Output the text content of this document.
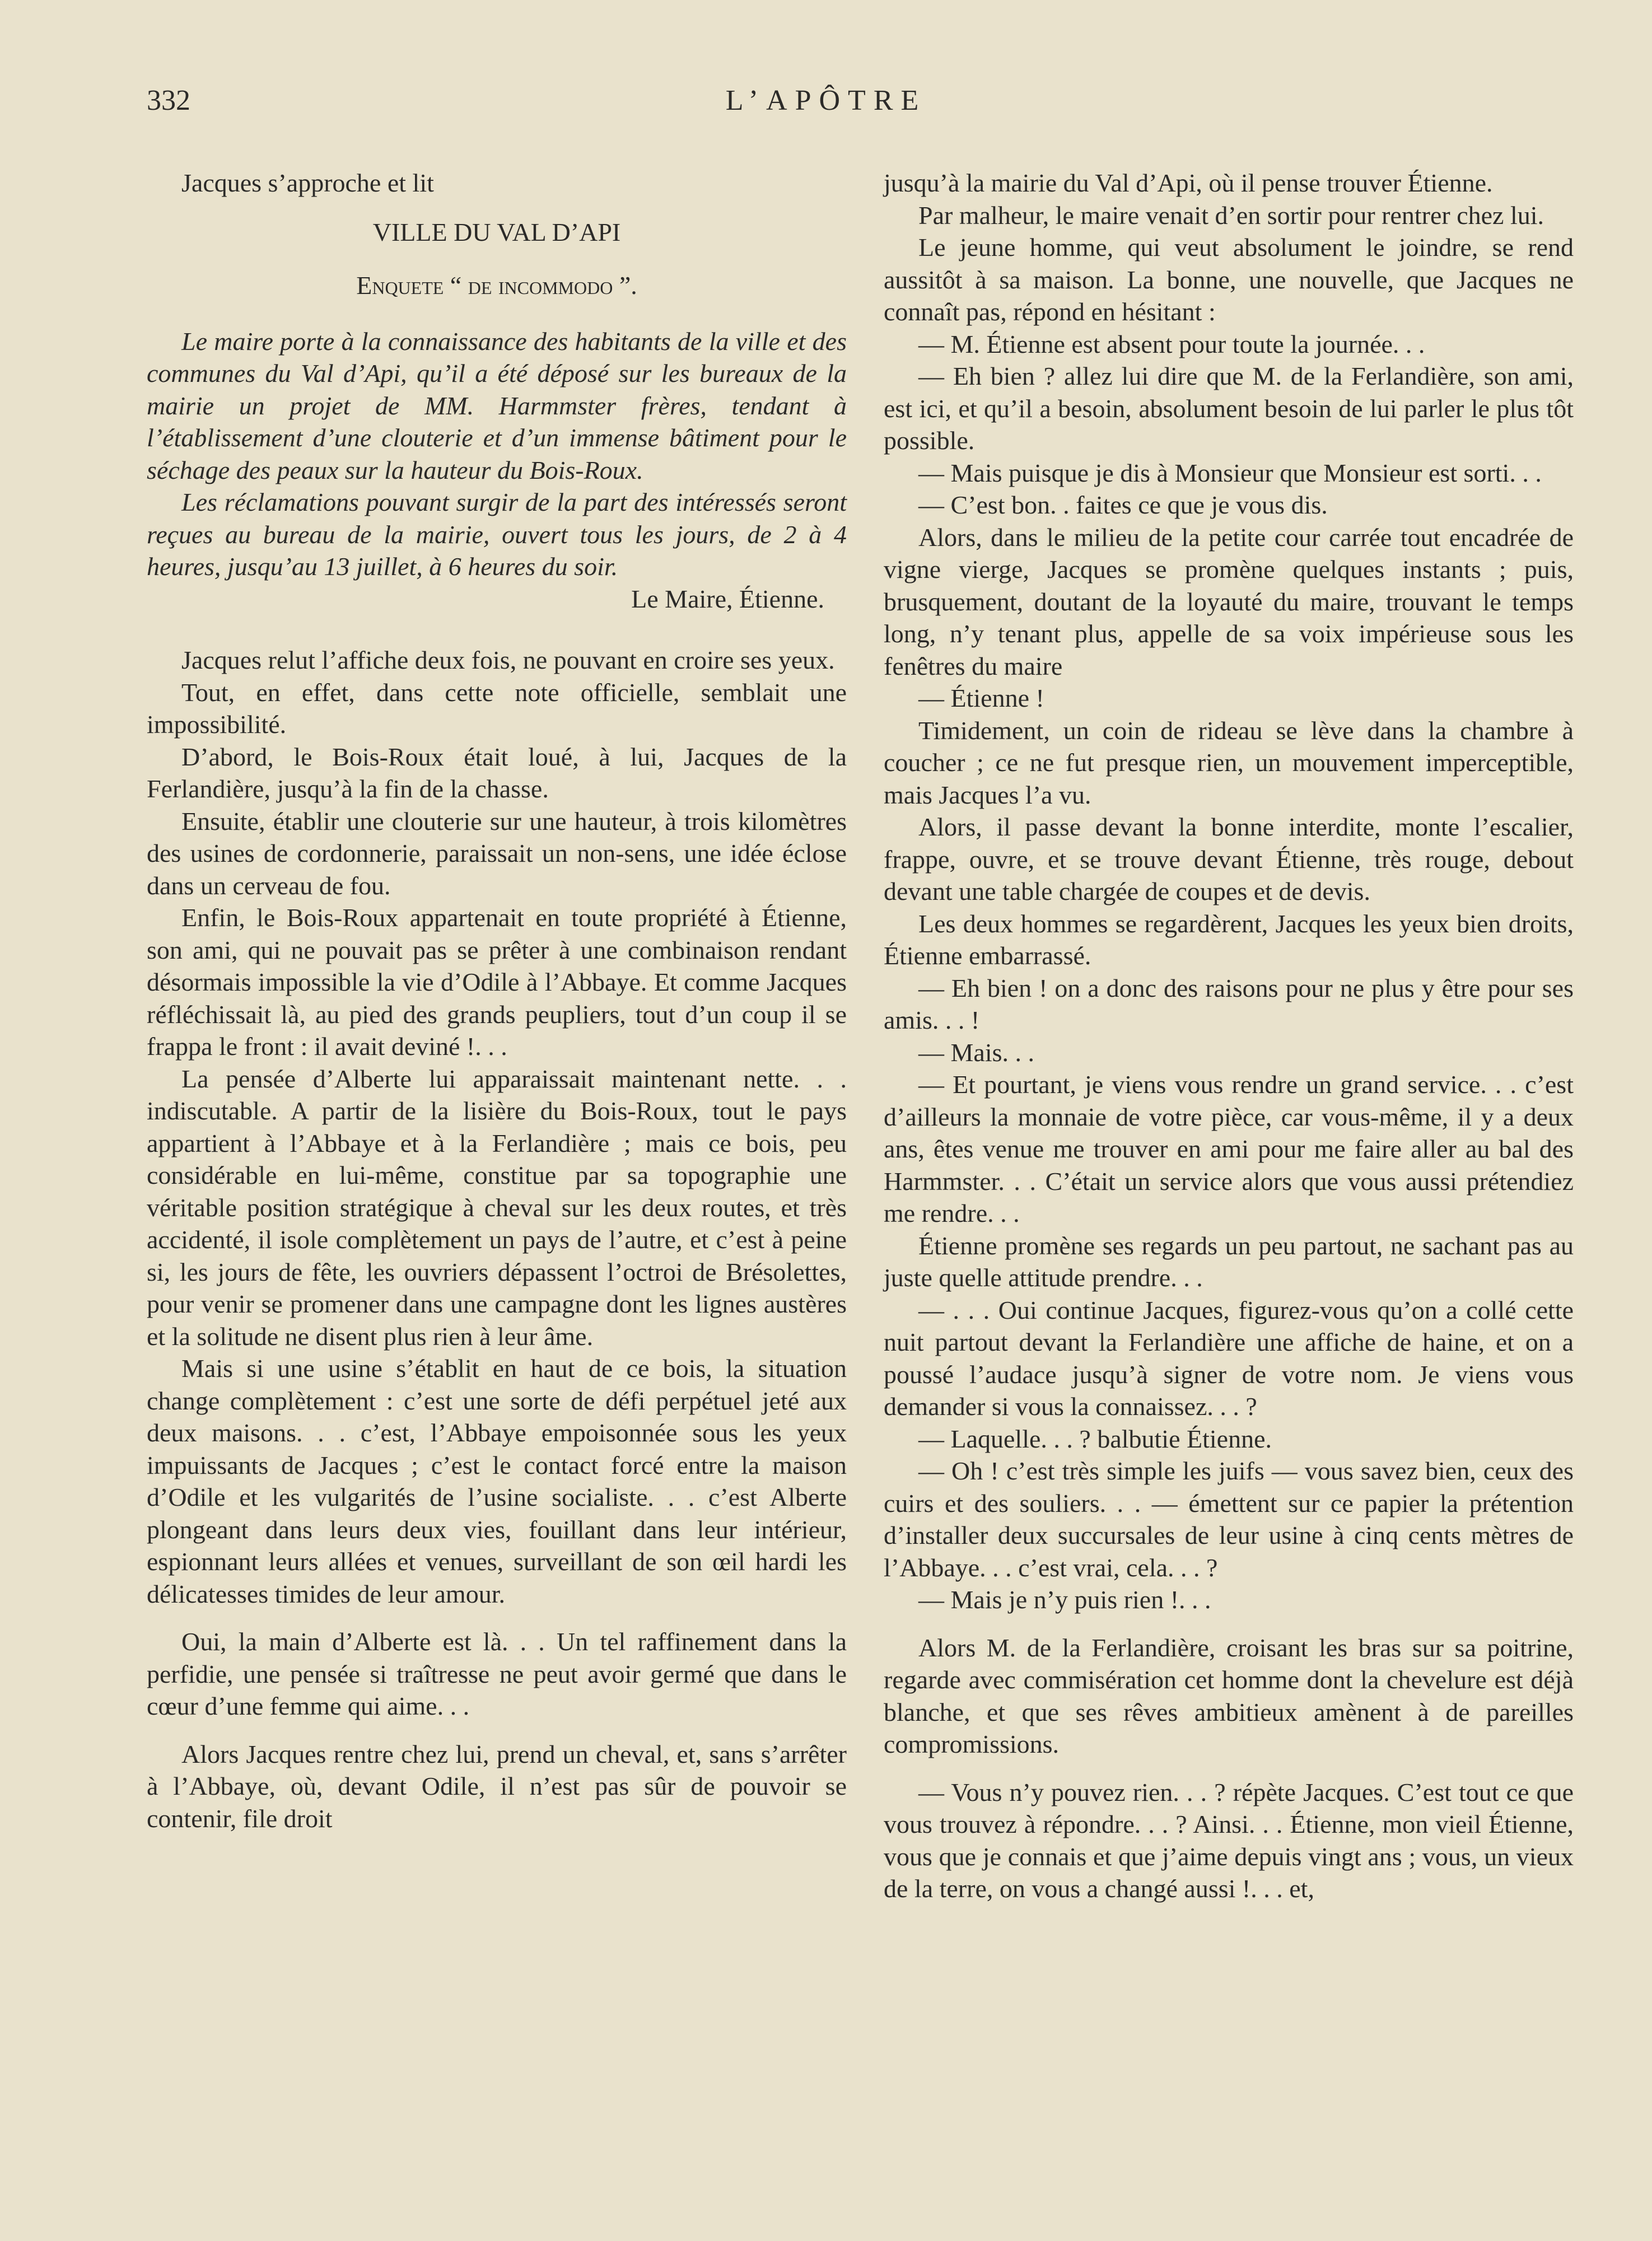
332	L’APÔTRE

Jacques s’approche et lit

VILLE DU VAL D’API

Enquete “ de incommodo ”.

Le maire porte à la connaissance des habitants de la ville et des communes du Val d’Api, qu’il a été déposé sur les bureaux de la mairie un projet de MM. Harmmster frères, tendant à l’établissement d’une clouterie et d’un immense bâtiment pour le séchage des peaux sur la hauteur du Bois-Roux.

Les réclamations pouvant surgir de la part des intéressés seront reçues au bureau de la mairie, ouvert tous les jours, de 2 à 4 heures, jusqu’au 13 juillet, à 6 heures du soir.

Le Maire, Étienne.

Jacques relut l’affiche deux fois, ne pouvant en croire ses yeux.

Tout, en effet, dans cette note officielle, semblait une impossibilité.

D’abord, le Bois-Roux était loué, à lui, Jacques de la Ferlandière, jusqu’à la fin de la chasse.

Ensuite, établir une clouterie sur une hauteur, à trois kilomètres des usines de cordonnerie, paraissait un non-sens, une idée éclose dans un cerveau de fou.

Enfin, le Bois-Roux appartenait en toute propriété à Étienne, son ami, qui ne pouvait pas se prêter à une combinaison rendant désormais impossible la vie d’Odile à l’Abbaye. Et comme Jacques réfléchissait là, au pied des grands peupliers, tout d’un coup il se frappa le front : il avait deviné !. . .

La pensée d’Alberte lui apparaissait maintenant nette. . . indiscutable. A partir de la lisière du Bois-Roux, tout le pays appartient à l’Abbaye et à la Ferlandière ; mais ce bois, peu considérable en lui-même, constitue par sa topographie une véritable position stratégique à cheval sur les deux routes, et très accidenté, il isole complètement un pays de l’autre, et c’est à peine si, les jours de fête, les ouvriers dépassent l’octroi de Brésolettes, pour venir se promener dans une campagne dont les lignes austères et la solitude ne disent plus rien à leur âme.

Mais si une usine s’établit en haut de ce bois, la situation change complètement : c’est une sorte de défi perpétuel jeté aux deux maisons. . . c’est, l’Abbaye empoisonnée sous les yeux impuissants de Jacques ; c’est le contact forcé entre la maison d’Odile et les vulgarités de l’usine socialiste. . . c’est Alberte plongeant dans leurs deux vies, fouillant dans leur intérieur, espionnant leurs allées et venues, surveillant de son œil hardi les délicatesses timides de leur amour.

Oui, la main d’Alberte est là. . . Un tel raffinement dans la perfidie, une pensée si traîtresse ne peut avoir germé que dans le cœur d’une femme qui aime. . .

Alors Jacques rentre chez lui, prend un cheval, et, sans s’arrêter à l’Abbaye, où, devant Odile, il n’est pas sûr de pouvoir se contenir, file droit

jusqu’à la mairie du Val d’Api, où il pense trouver Étienne.

Par malheur, le maire venait d’en sortir pour rentrer chez lui.

Le jeune homme, qui veut absolument le joindre, se rend aussitôt à sa maison. La bonne, une nouvelle, que Jacques ne connaît pas, répond en hésitant :

— M. Étienne est absent pour toute la journée. . .

— Eh bien ? allez lui dire que M. de la Ferlandière, son ami, est ici, et qu’il a besoin, absolument besoin de lui parler le plus tôt possible.

— Mais puisque je dis à Monsieur que Monsieur est sorti. . .

— C’est bon. . faites ce que je vous dis.

Alors, dans le milieu de la petite cour carrée tout encadrée de vigne vierge, Jacques se promène quelques instants ; puis, brusquement, doutant de la loyauté du maire, trouvant le temps long, n’y tenant plus, appelle de sa voix impérieuse sous les fenêtres du maire

— Étienne !

Timidement, un coin de rideau se lève dans la chambre à coucher ; ce ne fut presque rien, un mouvement imperceptible, mais Jacques l’a vu.

Alors, il passe devant la bonne interdite, monte l’escalier, frappe, ouvre, et se trouve devant Étienne, très rouge, debout devant une table chargée de coupes et de devis.

Les deux hommes se regardèrent, Jacques les yeux bien droits, Étienne embarrassé.

— Eh bien ! on a donc des raisons pour ne plus y être pour ses amis. . . !

— Mais. . .

— Et pourtant, je viens vous rendre un grand service. . . c’est d’ailleurs la monnaie de votre pièce, car vous-même, il y a deux ans, êtes venue me trouver en ami pour me faire aller au bal des Harmmster. . . C’était un service alors que vous aussi prétendiez me rendre. . .

Étienne promène ses regards un peu partout, ne sachant pas au juste quelle attitude prendre. . .

— . . . Oui continue Jacques, figurez-vous qu’on a collé cette nuit partout devant la Ferlandière une affiche de haine, et on a poussé l’audace jusqu’à signer de votre nom. Je viens vous demander si vous la connaissez. . . ?

— Laquelle. . . ? balbutie Étienne.

— Oh ! c’est très simple les juifs — vous savez bien, ceux des cuirs et des souliers. . . — émettent sur ce papier la prétention d’installer deux succursales de leur usine à cinq cents mètres de l’Abbaye. . . c’est vrai, cela. . . ?

— Mais je n’y puis rien !. . .

Alors M. de la Ferlandière, croisant les bras sur sa poitrine, regarde avec commisération cet homme dont la chevelure est déjà blanche, et que ses rêves ambitieux amènent à de pareilles compromissions.

— Vous n’y pouvez rien. . . ? répète Jacques. C’est tout ce que vous trouvez à répondre. . . ? Ainsi. . . Étienne, mon vieil Étienne, vous que je connais et que j’aime depuis vingt ans ; vous, un vieux de la terre, on vous a changé aussi !. . . et,
